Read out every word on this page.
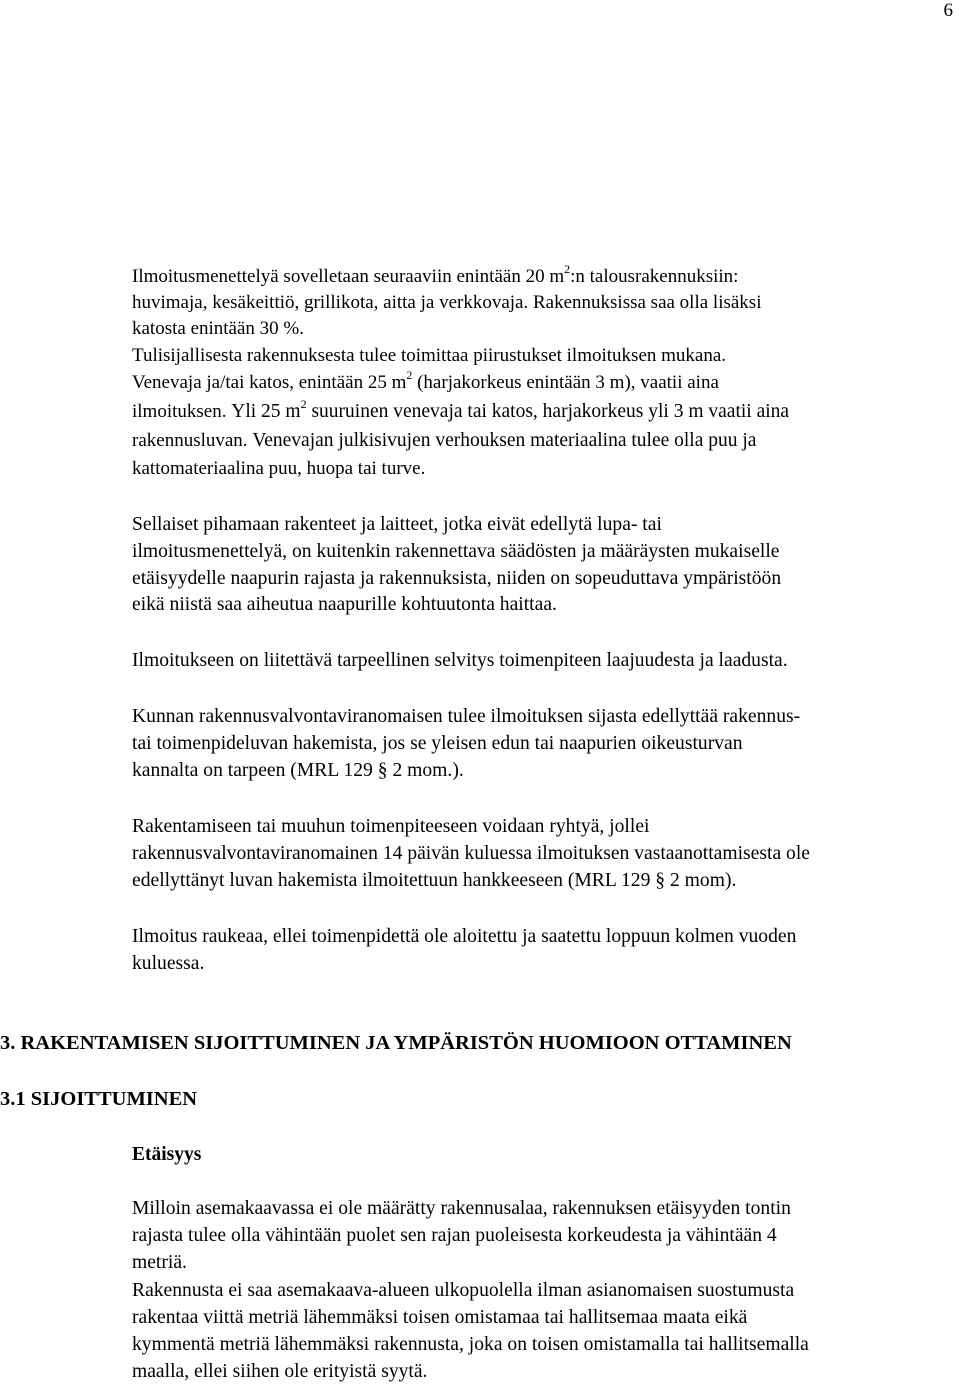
6
Ilmoitusmenettelyä sovelletaan seuraaviin enintään 20 $m^2:n$ talousrakennuksiin:
huvimaja, kesäkeittiö, grillikota, aitta ja verkkovaja. Rakennuksissa saa olla lisäksi
katosta enintään 30 %.
Tulisijallisesta rakennuksesta tulee toimittaa piirustukset ilmoituksen mukana.
Venevaja ja/tai katos, enintään 25 $m^2$ (harjakorkeus enintään 3 m), vaatii aina
ilmoituksen. Yli 25 $m^2$ suuruinen venevaja tai katos, harjakorkeus yli 3 m vaatii aina
rakennusluvan. Venevajan julkisivujen verhouksen materiaalina tulee olla puu ja
kattomateriaalina puu, huopa tai turve.
Sellaiset pihamaan rakenteet ja laitteet, jotka eivät edellytä lupa- tai
ilmoitusmenettelyä, on kuitenkin rakennettava säädösten ja määräysten mukaiselle
etäisyydelle naapurin rajasta ja rakennuksista, niiden on sopeuduttava ympäristöön
eikä niistä saa aiheutua naapurille kohtuutonta haittaa.
Ilmoitukseen on liitettävä tarpeellinen selvitys toimenpiteen laajuudesta ja laadusta.
Kunnan rakennusvalvontaviranomaisen tulee ilmoituksen sijasta edellyttää rakennus-
tai toimenpideluvan hakemista, jos se yleisen edun tai naapurien oikeusturvan
kannalta on tarpeen (MRL 129 § 2 mom.).
Rakentamiseen tai muuhun toimenpiteeseen voidaan ryhtyä, jollei
rakennusvalvontaviranomainen 14 päivän kuluessa ilmoituksen vastaanottamisesta ole
edellyttänyt luvan hakemista ilmoitettuun hankkeeseen (MRL 129 § 2 mom).
Ilmoitus raukeaa, ellei toimenpidettä ole aloitettu ja saatettu loppuun kolmen vuoden
kuluessa.
3. RAKENTAMISEN SIJOITTUMINEN JA YMPÄRISTÖN HUOMIOON OTTAMINEN
3.1 SIJOITTUMINEN
Etäisyys
Milloin asemakaavassa ei ole määrätty rakennusalaa, rakennuksen etäisyyden tontin
rajasta tulee olla vähintään puolet sen rajan puoleisesta korkeudesta ja vähintään 4
metriä.
Rakennusta ei saa asemakaava-alueen ulkopuolella ilman asianomaisen suostumusta
rakentaa viittä metriä lähemmäksi toisen omistamaa tai hallitsemaa maata eikä
kymmentä metriä lähemmäksi rakennusta, joka on toisen omistamalla tai hallitsemalla
maalla, ellei siihen ole erityistä syytä.
